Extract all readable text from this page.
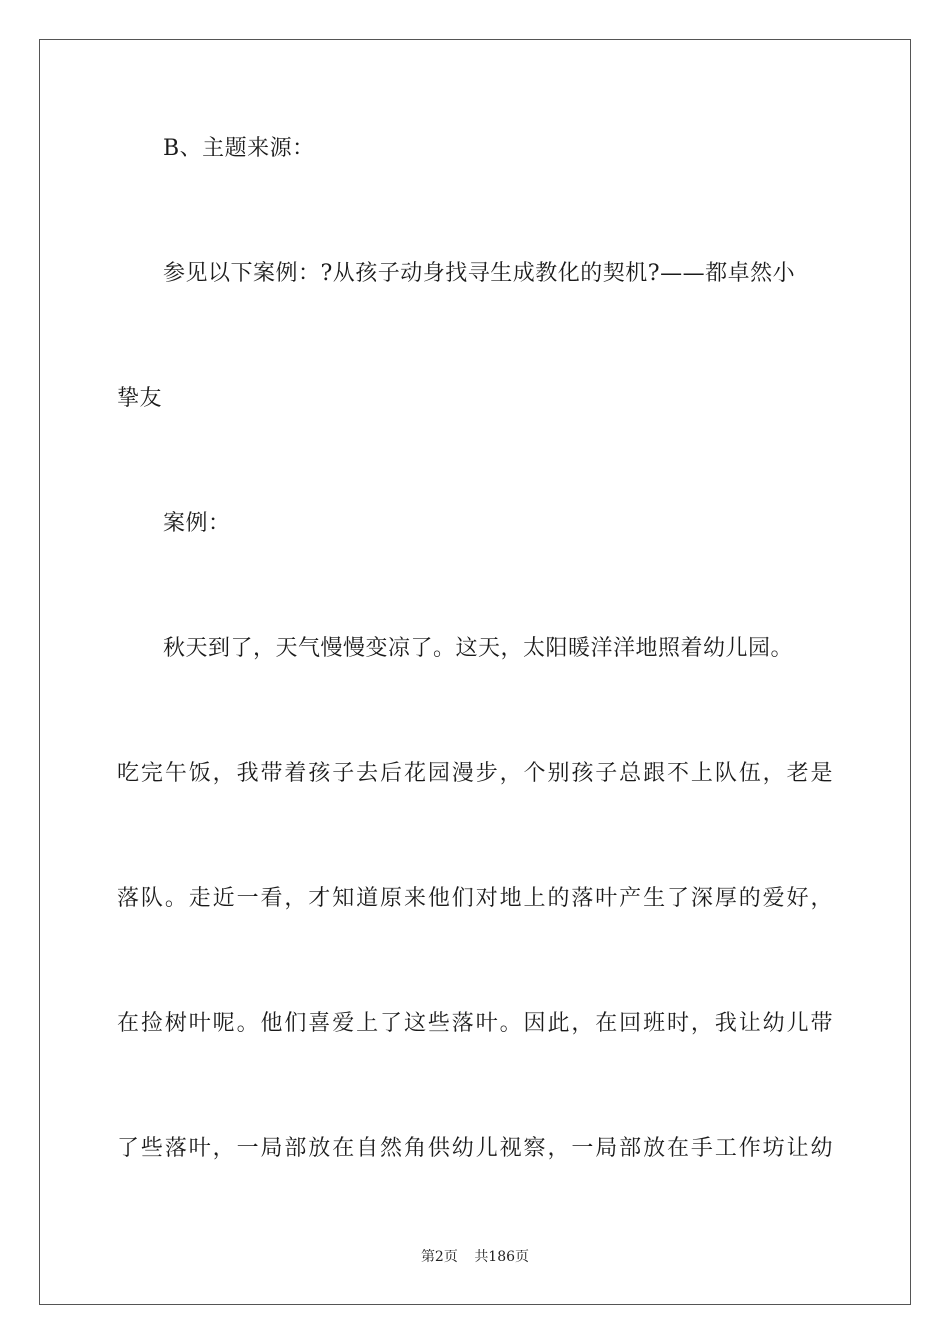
B、主题来源：
参见以下案例：?从孩子动身找寻生成教化的契机?——都卓然小
挚友
案例：
秋天到了，天气慢慢变凉了。这天，太阳暖洋洋地照着幼儿园。
吃完午饭，我带着孩子去后花园漫步，个别孩子总跟不上队伍，老是
落队。走近一看，才知道原来他们对地上的落叶产生了深厚的爱好，
在捡树叶呢。他们喜爱上了这些落叶。因此，在回班时，我让幼儿带
了些落叶，一局部放在自然角供幼儿视察，一局部放在手工作坊让幼
第2页 共186页
